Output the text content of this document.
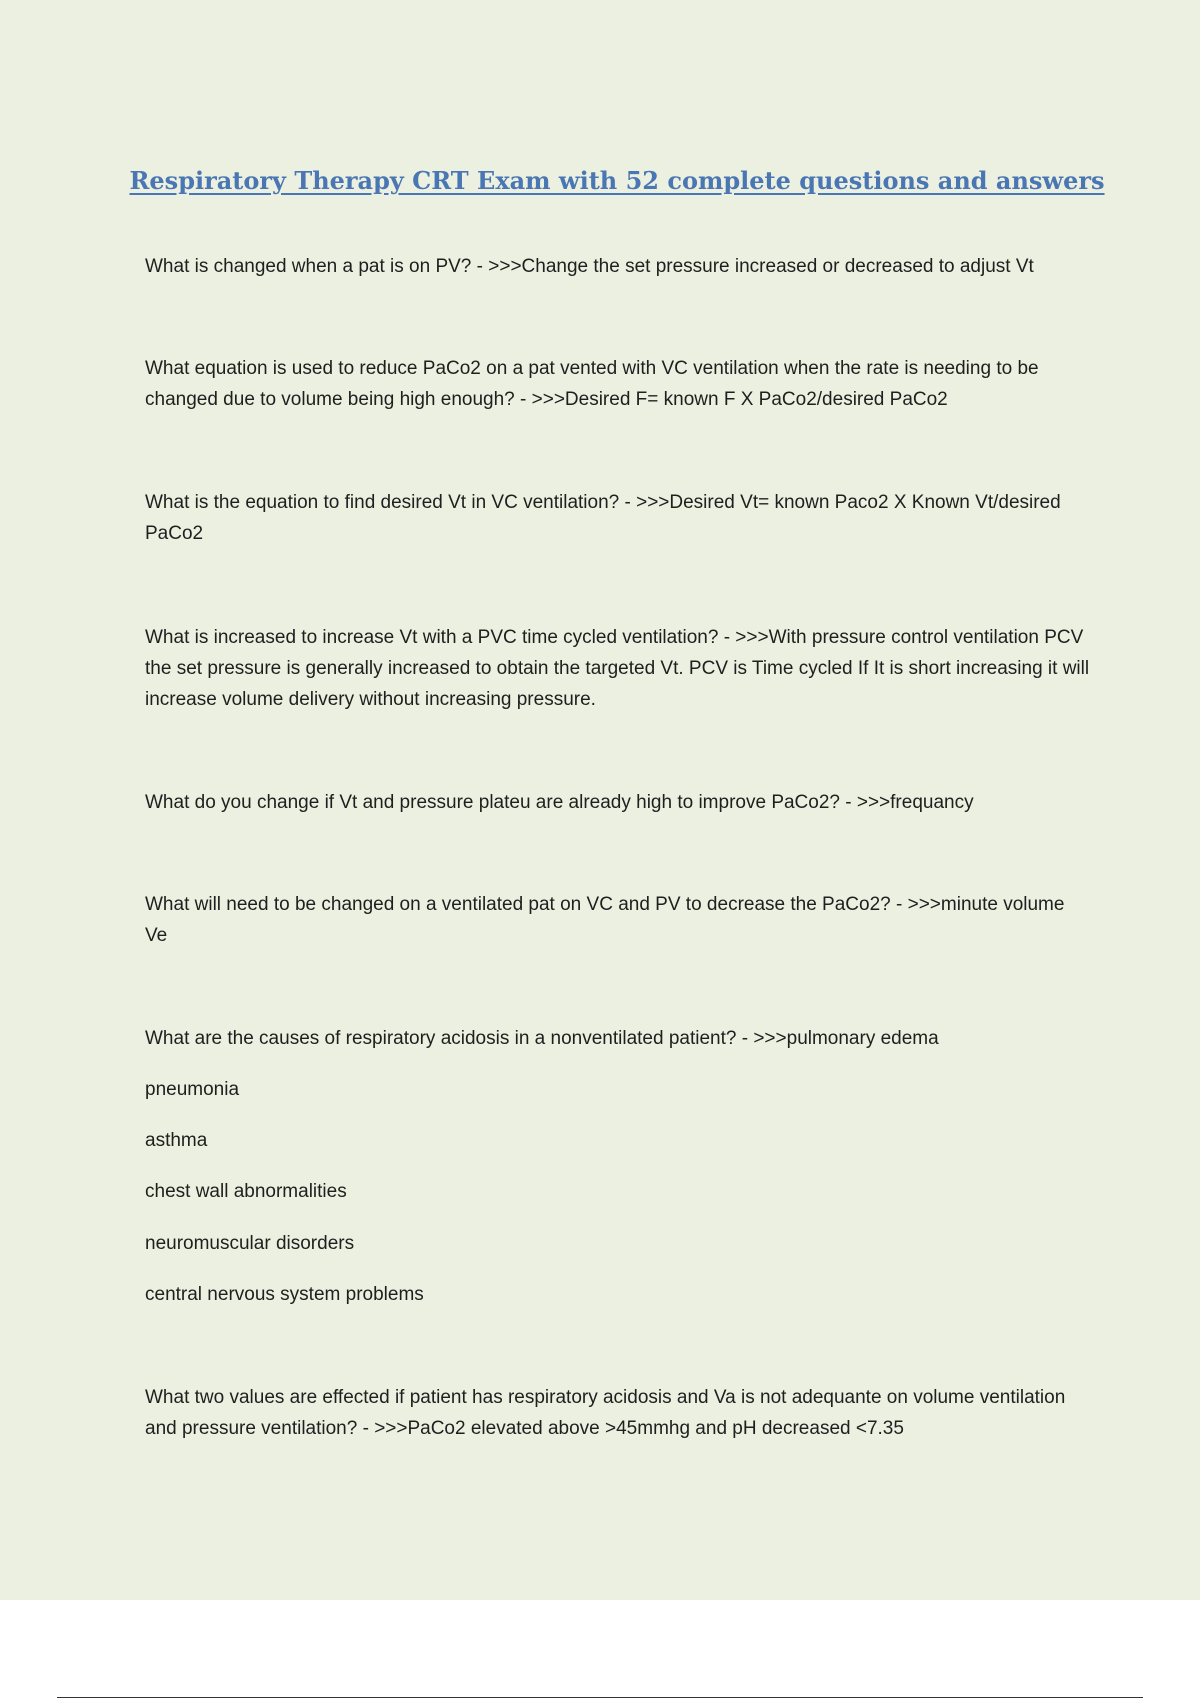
Respiratory Therapy CRT Exam with 52 complete questions and answers

What is changed when a pat is on PV? - >>>Change the set pressure increased or decreased to adjust Vt

What equation is used to reduce PaCo2 on a pat vented with VC ventilation when the rate is needing to be changed due to volume being high enough? - >>>Desired F= known F X PaCo2/desired PaCo2

What is the equation to find desired Vt in VC ventilation? - >>>Desired Vt= known Paco2 X Known Vt/desired PaCo2

What is increased to increase Vt with a PVC time cycled ventilation? - >>>With pressure control ventilation PCV the set pressure is generally increased to obtain the targeted Vt. PCV is Time cycled If It is short increasing it will increase volume delivery without increasing pressure.

What do you change if Vt and pressure plateu are already high to improve PaCo2? - >>>frequancy

What will need to be changed on a ventilated pat on VC and PV to decrease the PaCo2? - >>>minute volume Ve

What are the causes of respiratory acidosis in a nonventilated patient? - >>>pulmonary edema

pneumonia

asthma

chest wall abnormalities

neuromuscular disorders

central nervous system problems

What two values are effected if patient has respiratory acidosis and Va is not adequante on volume ventilation and pressure ventilation? - >>>PaCo2 elevated above >45mmhg and pH decreased <7.35
